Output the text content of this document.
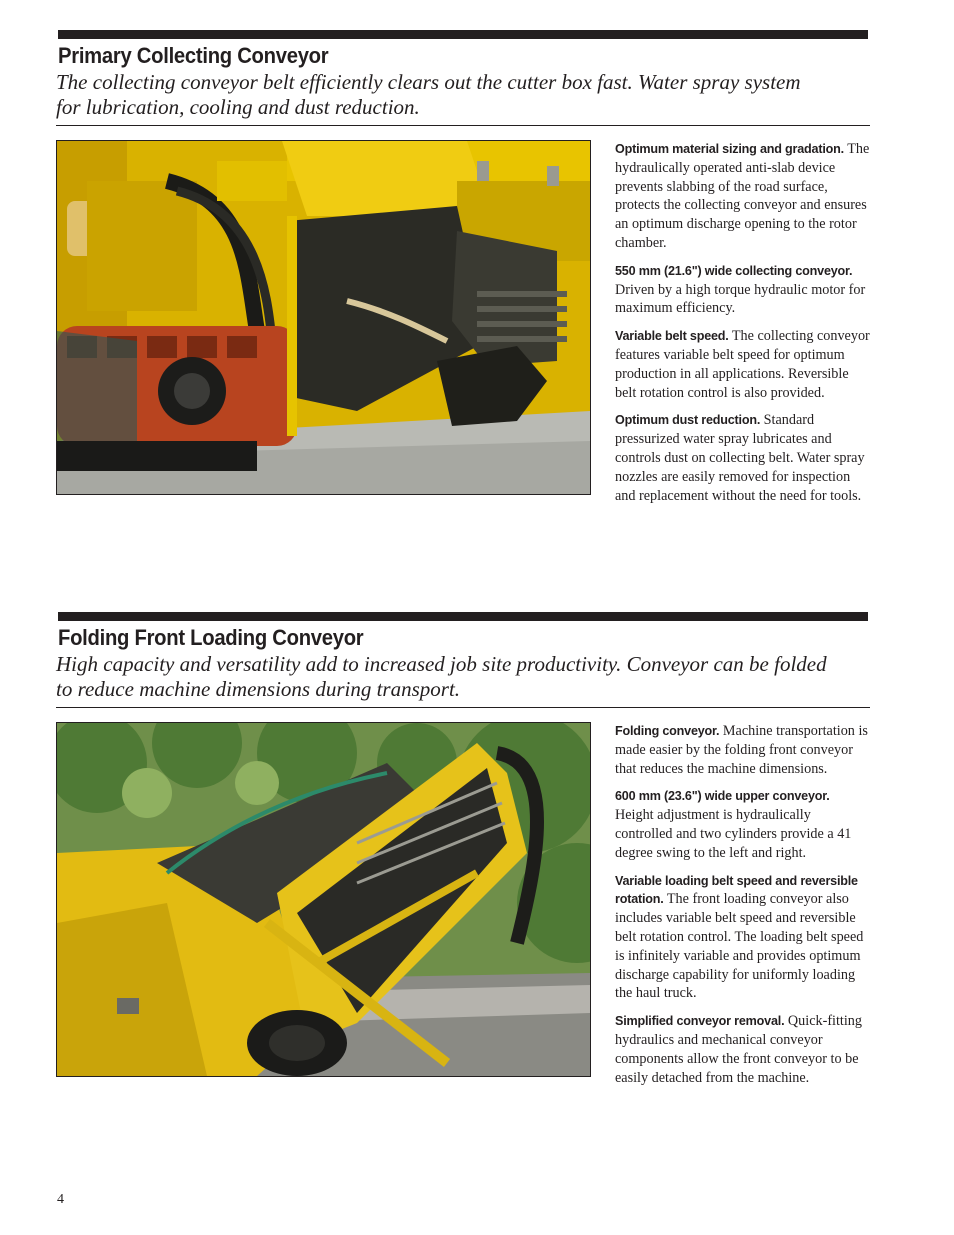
Primary Collecting Conveyor

The collecting conveyor belt efficiently clears out the cutter box fast. Water spray system

for lubrication, cooling and dust reduction.

Optimum material sizing and gradation. The hydraulically operated anti-slab device prevents slabbing of the road surface, protects the collecting conveyor and ensures an optimum discharge opening to the rotor chamber.

550 mm (21.6") wide collecting conveyor. Driven by a high torque hydraulic motor for maximum efficiency.

Variable belt speed. The collecting conveyor features variable belt speed for optimum production in all applications. Reversible belt rotation control is also provided.

Optimum dust reduction. Standard pressurized water spray lubricates and controls dust on collecting belt. Water spray nozzles are easily removed for inspection and replacement without the need for tools.

Folding Front Loading Conveyor

High capacity and versatility add to increased job site productivity. Conveyor can be folded

to reduce machine dimensions during transport.

Folding conveyor. Machine transportation is made easier by the folding front conveyor that reduces the machine dimensions.

600 mm (23.6") wide upper conveyor. Height adjustment is hydraulically controlled and two cylinders provide a 41 degree swing to the left and right.

Variable loading belt speed and reversible rotation. The front loading conveyor also includes variable belt speed and reversible belt rotation control. The loading belt speed is infinitely variable and provides optimum discharge capability for uniformly loading the haul truck.

Simplified conveyor removal. Quick-fitting hydraulics and mechanical conveyor components allow the front conveyor to be easily detached from the machine.

4
